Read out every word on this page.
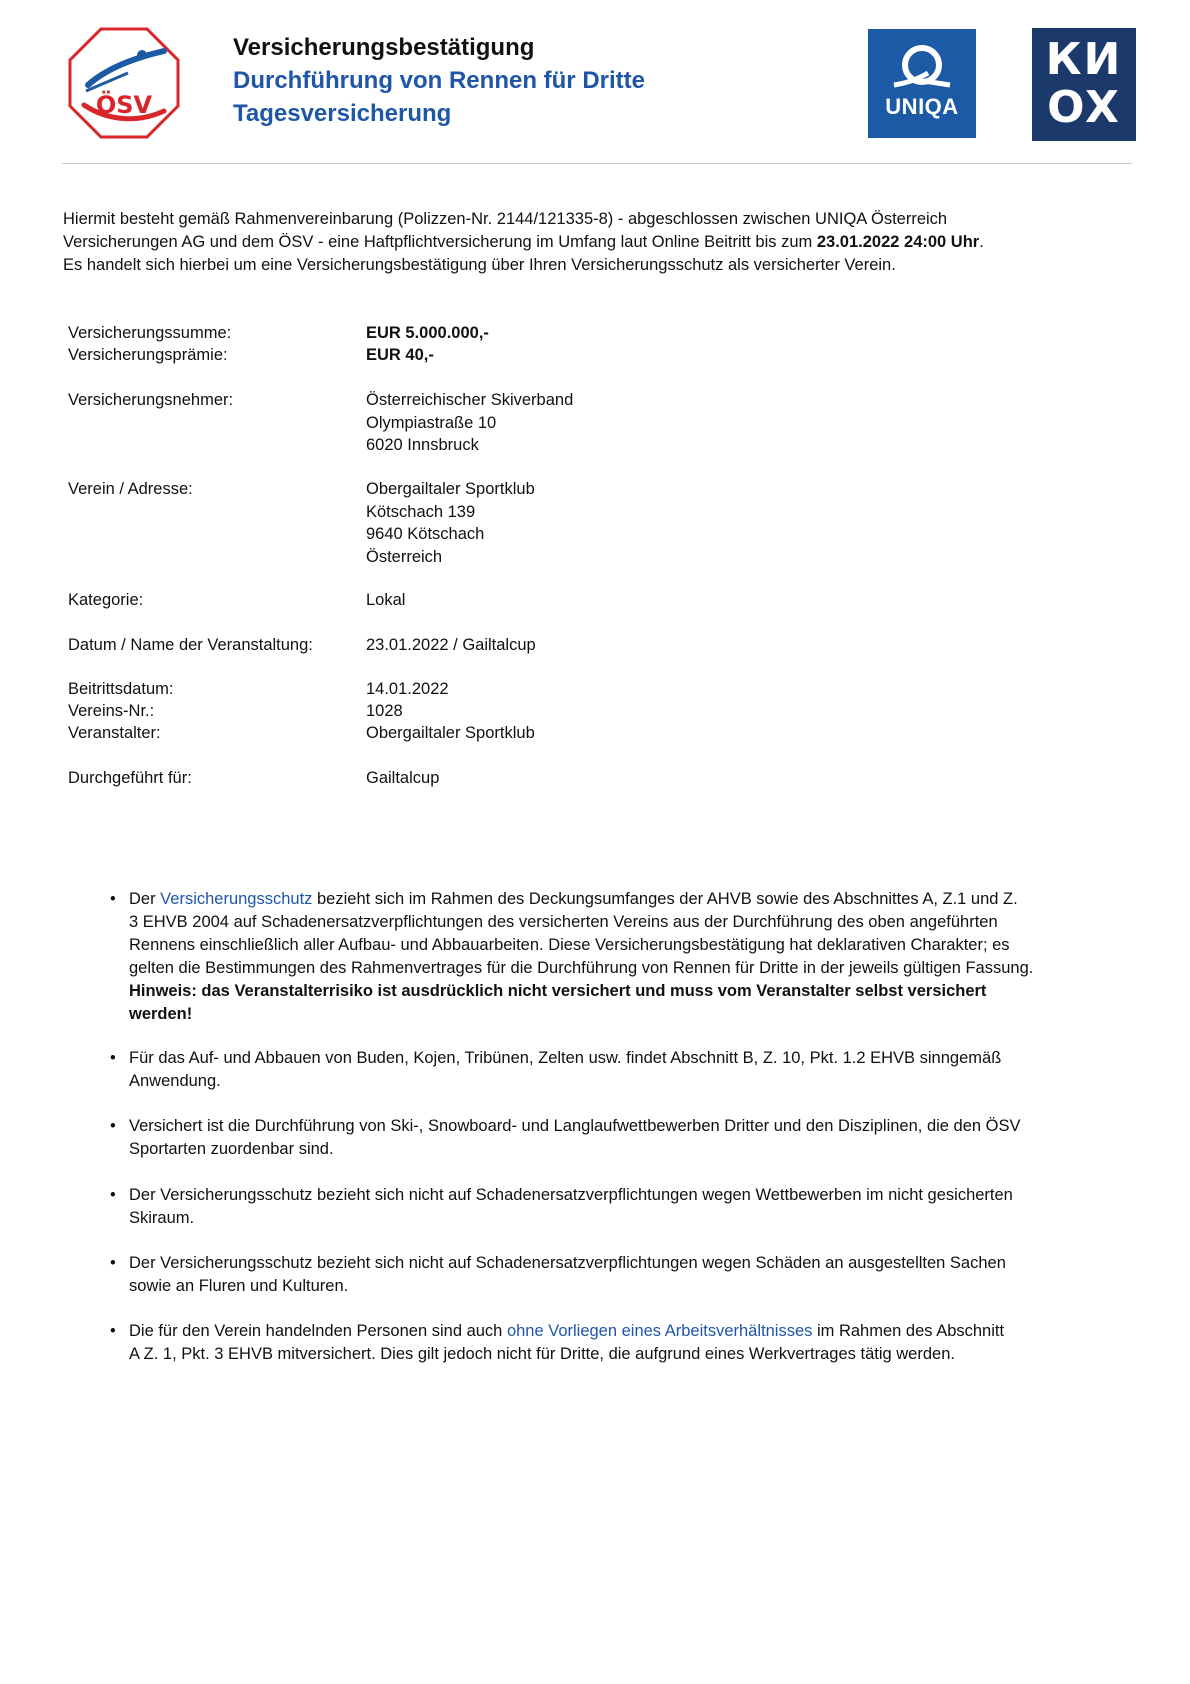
ÖSV
Versicherungsbestätigung
Durchführung von Rennen für Dritte
Tagesversicherung	UNIQA
КИ
OX

Hiermit besteht gemäß Rahmenvereinbarung (Polizzen-Nr. 2144/121335-8) - abgeschlossen zwischen UNIQA Österreich

Versicherungen AG und dem ÖSV - eine Haftpflichtversicherung im Umfang laut Online Beitritt bis zum 23.01.2022 24:00 Uhr.

Es handelt sich hierbei um eine Versicherungsbestätigung über Ihren Versicherungsschutz als versicherter Verein.

Versicherungssumme:	EUR 5.000.000,-
Versicherungsprämie:	EUR 40,-
Versicherungsnehmer:	Österreichischer Skiverband
Olympiastraße 10
6020 Innsbruck
Verein / Adresse:	Obergailtaler Sportklub
Kötschach 139
9640 Kötschach
Österreich
Kategorie:	Lokal
Datum / Name der Veranstaltung:	23.01.2022 / Gailtalcup
Beitrittsdatum:	14.01.2022
Vereins-Nr.:	1028
Veranstalter:	Obergailtaler Sportklub
Durchgeführt für:	Gailtalcup
• Der Versicherungsschutz bezieht sich im Rahmen des Deckungsumfanges der AHVB sowie des Abschnittes A, Z.1 und Z.
3 EHVB 2004 auf Schadenersatzverpflichtungen des versicherten Vereins aus der Durchführung des oben angeführten
Rennens einschließlich aller Aufbau- und Abbauarbeiten. Diese Versicherungsbestätigung hat deklarativen Charakter; es
gelten die Bestimmungen des Rahmenvertrages für die Durchführung von Rennen für Dritte in der jeweils gültigen Fassung.
Hinweis: das Veranstalterrisiko ist ausdrücklich nicht versichert und muss vom Veranstalter selbst versichert
werden!
• Für das Auf- und Abbauen von Buden, Kojen, Tribünen, Zelten usw. findet Abschnitt B, Z. 10, Pkt. 1.2 EHVB sinngemäß
Anwendung.
• Versichert ist die Durchführung von Ski-, Snowboard- und Langlaufwettbewerben Dritter und den Disziplinen, die den ÖSV
Sportarten zuordenbar sind.
• Der Versicherungsschutz bezieht sich nicht auf Schadenersatzverpflichtungen wegen Wettbewerben im nicht gesicherten
Skiraum.
• Der Versicherungsschutz bezieht sich nicht auf Schadenersatzverpflichtungen wegen Schäden an ausgestellten Sachen
sowie an Fluren und Kulturen.
• Die für den Verein handelnden Personen sind auch ohne Vorliegen eines Arbeitsverhältnisses im Rahmen des Abschnitt
A Z. 1, Pkt. 3 EHVB mitversichert. Dies gilt jedoch nicht für Dritte, die aufgrund eines Werkvertrages tätig werden.
